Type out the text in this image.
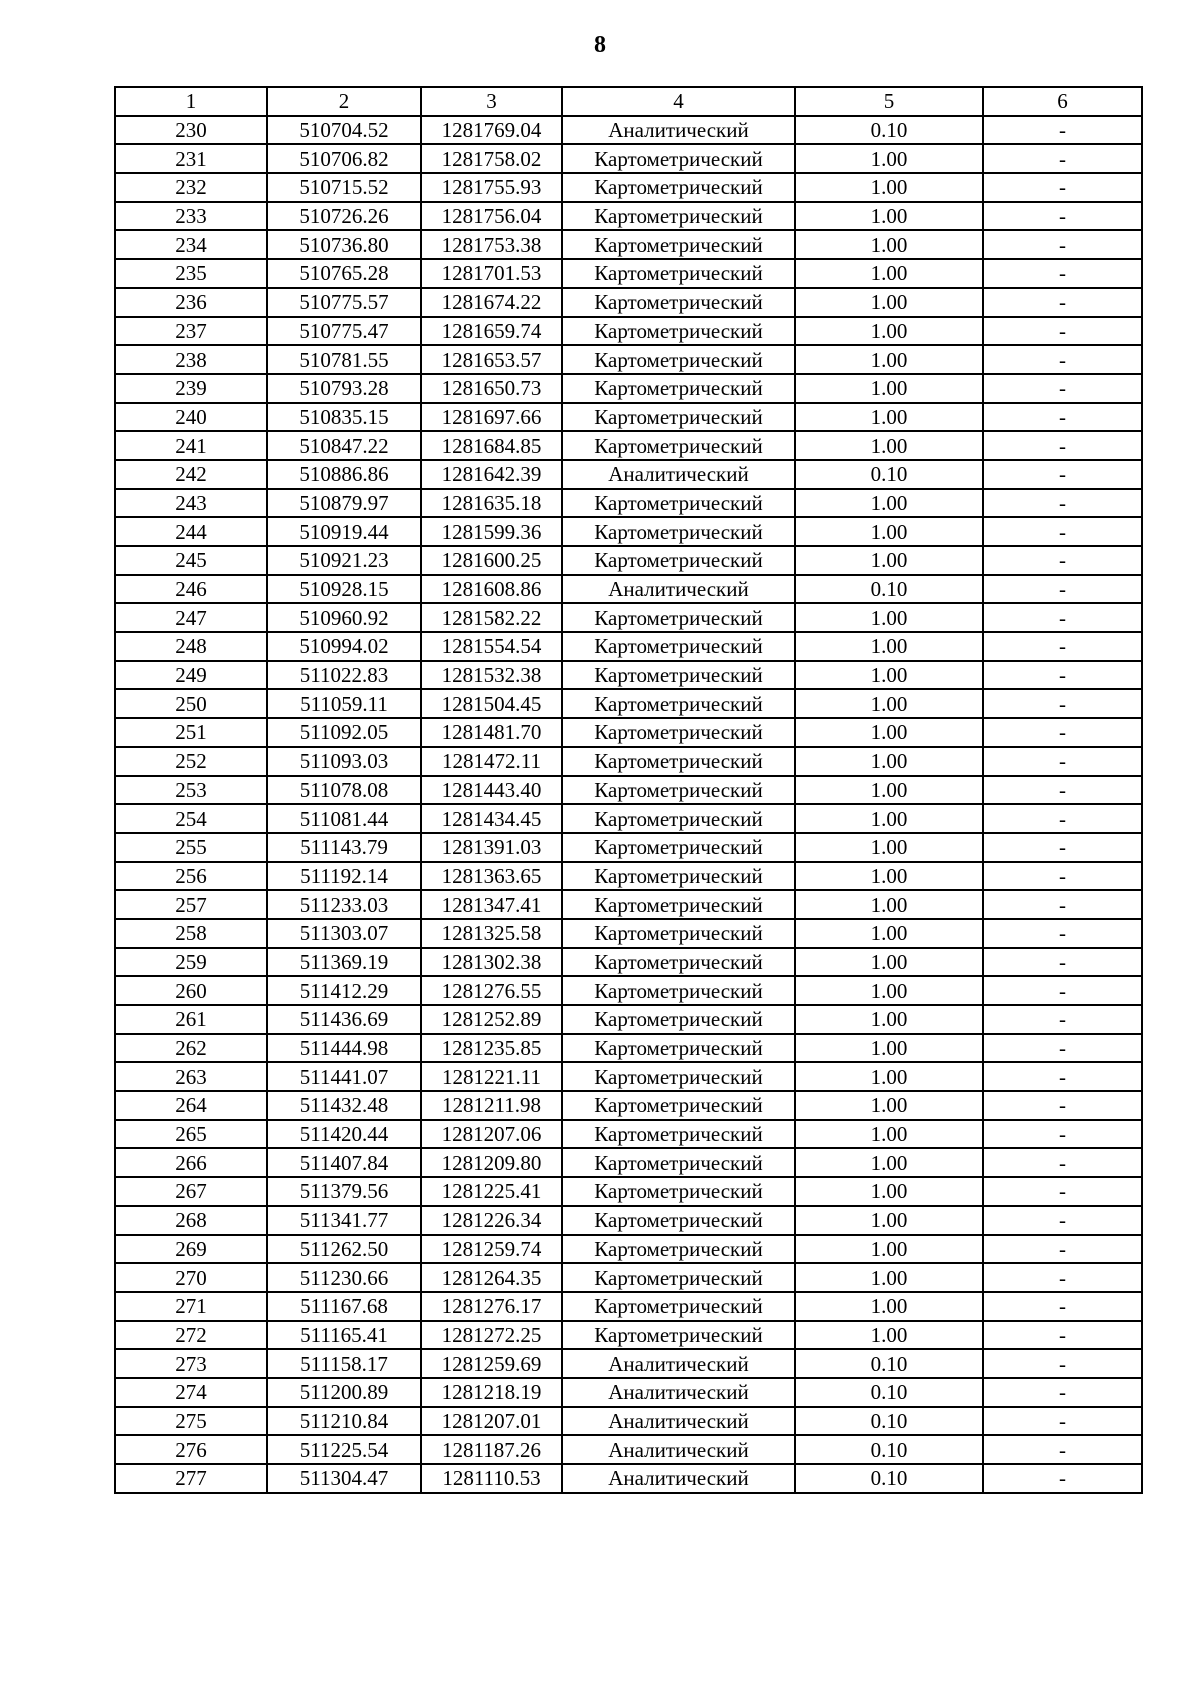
8
1	2	3	4	5	6
230	510704.52	1281769.04	Аналитический	0.10	-
231	510706.82	1281758.02	Картометрический	1.00	-
232	510715.52	1281755.93	Картометрический	1.00	-
233	510726.26	1281756.04	Картометрический	1.00	-
234	510736.80	1281753.38	Картометрический	1.00	-
235	510765.28	1281701.53	Картометрический	1.00	-
236	510775.57	1281674.22	Картометрический	1.00	-
237	510775.47	1281659.74	Картометрический	1.00	-
238	510781.55	1281653.57	Картометрический	1.00	-
239	510793.28	1281650.73	Картометрический	1.00	-
240	510835.15	1281697.66	Картометрический	1.00	-
241	510847.22	1281684.85	Картометрический	1.00	-
242	510886.86	1281642.39	Аналитический	0.10	-
243	510879.97	1281635.18	Картометрический	1.00	-
244	510919.44	1281599.36	Картометрический	1.00	-
245	510921.23	1281600.25	Картометрический	1.00	-
246	510928.15	1281608.86	Аналитический	0.10	-
247	510960.92	1281582.22	Картометрический	1.00	-
248	510994.02	1281554.54	Картометрический	1.00	-
249	511022.83	1281532.38	Картометрический	1.00	-
250	511059.11	1281504.45	Картометрический	1.00	-
251	511092.05	1281481.70	Картометрический	1.00	-
252	511093.03	1281472.11	Картометрический	1.00	-
253	511078.08	1281443.40	Картометрический	1.00	-
254	511081.44	1281434.45	Картометрический	1.00	-
255	511143.79	1281391.03	Картометрический	1.00	-
256	511192.14	1281363.65	Картометрический	1.00	-
257	511233.03	1281347.41	Картометрический	1.00	-
258	511303.07	1281325.58	Картометрический	1.00	-
259	511369.19	1281302.38	Картометрический	1.00	-
260	511412.29	1281276.55	Картометрический	1.00	-
261	511436.69	1281252.89	Картометрический	1.00	-
262	511444.98	1281235.85	Картометрический	1.00	-
263	511441.07	1281221.11	Картометрический	1.00	-
264	511432.48	1281211.98	Картометрический	1.00	-
265	511420.44	1281207.06	Картометрический	1.00	-
266	511407.84	1281209.80	Картометрический	1.00	-
267	511379.56	1281225.41	Картометрический	1.00	-
268	511341.77	1281226.34	Картометрический	1.00	-
269	511262.50	1281259.74	Картометрический	1.00	-
270	511230.66	1281264.35	Картометрический	1.00	-
271	511167.68	1281276.17	Картометрический	1.00	-
272	511165.41	1281272.25	Картометрический	1.00	-
273	511158.17	1281259.69	Аналитический	0.10	-
274	511200.89	1281218.19	Аналитический	0.10	-
275	511210.84	1281207.01	Аналитический	0.10	-
276	511225.54	1281187.26	Аналитический	0.10	-
277	511304.47	1281110.53	Аналитический	0.10	-
